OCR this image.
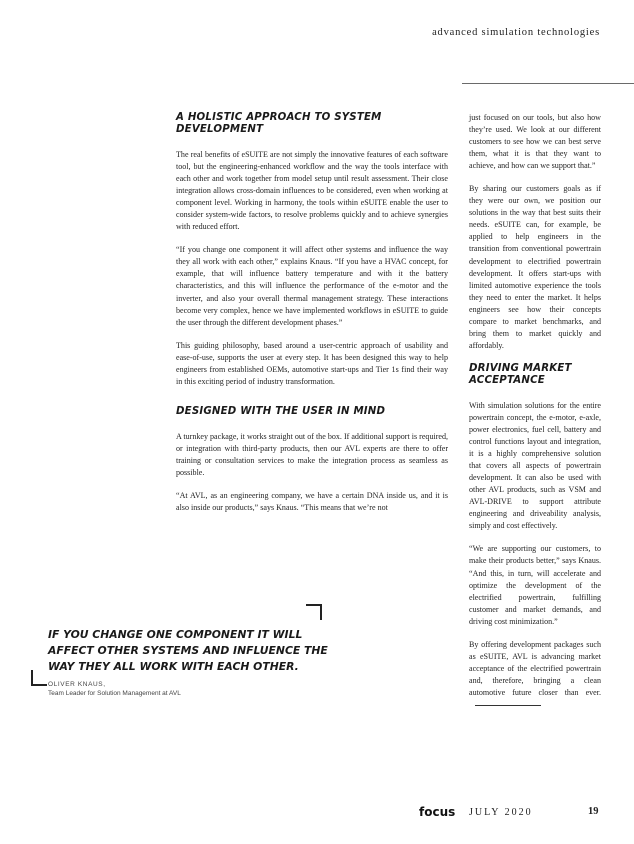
advanced simulation technologies
A HOLISTIC APPROACH TO SYSTEM DEVELOPMENT

The real benefits of eSUITE are not simply the innovative features of each software tool, but the engineering-enhanced workflow and the way the tools interface with each other and work together from model setup until result assessment. Their close integration allows cross-domain influences to be considered, even when working at component level. Working in harmony, the tools within eSUITE enable the user to consider system-wide factors, to resolve problems quickly and to achieve synergies with reduced effort.

“If you change one component it will affect other systems and influence the way they all work with each other,” explains Knaus. “If you have a HVAC concept, for example, that will influence battery temperature and with it the battery characteristics, and this will influence the performance of the e-motor and the inverter, and also your overall thermal management strategy. These interactions become very complex, hence we have implemented workflows in eSUITE to guide the user through the different development phases.”

This guiding philosophy, based around a user-centric approach of usability and ease-of-use, supports the user at every step. It has been designed this way to help engineers from established OEMs, automotive start-ups and Tier 1s find their way in this exciting period of industry transformation.

DESIGNED WITH THE USER IN MIND

A turnkey package, it works straight out of the box. If additional support is required, or integration with third-party products, then our AVL experts are there to offer training or consultation services to make the integration process as seamless as possible.

“At AVL, as an engineering company, we have a certain DNA inside us, and it is also inside our products,” says Knaus. “This means that we’re not

just focused on our tools, but also how they’re used. We look at our different customers to see how we can best serve them, what it is that they want to achieve, and how can we support that.”

By sharing our customers goals as if they were our own, we position our solutions in the way that best suits their needs. eSUITE can, for example, be applied to help engineers in the transition from conventional powertrain development to electrified powertrain development. It offers start-ups with limited automotive experience the tools they need to enter the market. It helps engineers see how their concepts compare to market benchmarks, and bring them to market quickly and affordably.

DRIVING MARKET ACCEPTANCE

With simulation solutions for the entire powertrain concept, the e-motor, e-axle, power electronics, fuel cell, battery and control functions layout and integration, it is a highly comprehensive solution that covers all aspects of powertrain development. It can also be used with other AVL products, such as VSM and AVL-DRIVE to support attribute engineering and driveability analysis, simply and cost effectively.

“We are supporting our customers, to make their products better,” says Knaus. “And this, in turn, will accelerate and optimize the development of the electrified powertrain, fulfilling customer and market demands, and driving cost minimization.”

By offering development packages such as eSUITE, AVL is advancing market acceptance of the electrified powertrain and, therefore, bringing a clean automotive future closer than ever.

IF YOU CHANGE ONE COMPONENT IT WILL AFFECT OTHER SYSTEMS AND INFLUENCE THE WAY THEY ALL WORK WITH EACH OTHER.

OLIVER KNAUS,
Team Leader for Solution Management at AVL
focus JULY 2020	19
